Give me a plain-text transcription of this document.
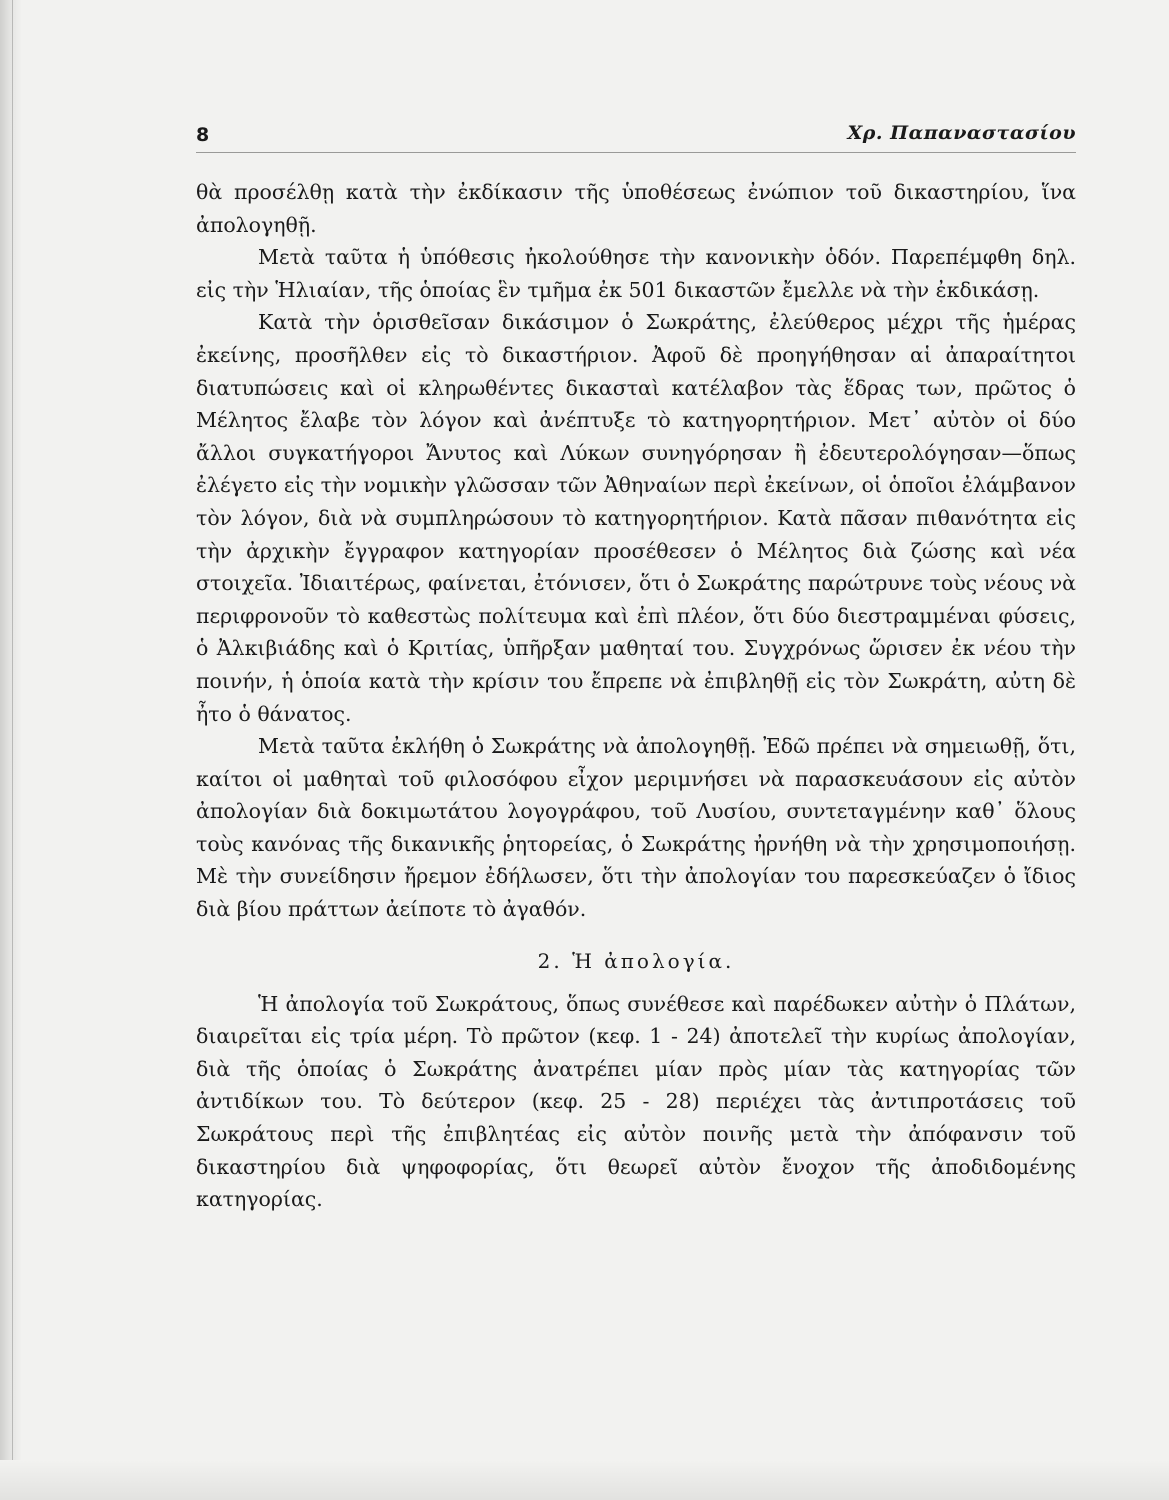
8	Χρ. Παπαναστασίου

θὰ προσέλθῃ κατὰ τὴν ἐκδίκασιν τῆς ὑποθέσεως ἐνώπιον τοῦ δικαστηρίου, ἵνα ἀπολογηθῇ.

Μετὰ ταῦτα ἡ ὑπόθεσις ἠκολούθησε τὴν κανονικὴν ὁδόν. Παρεπέμφθη δηλ. εἰς τὴν Ἡλιαίαν, τῆς ὁποίας ἓν τμῆμα ἐκ 501 δικαστῶν ἔμελλε νὰ τὴν ἐκδικάσῃ.

Κατὰ τὴν ὁρισθεῖσαν δικάσιμον ὁ Σωκράτης, ἐλεύθερος μέχρι τῆς ἡμέρας ἐκείνης, προσῆλθεν εἰς τὸ δικαστήριον. Ἀφοῦ δὲ προηγήθησαν αἱ ἀπαραίτητοι διατυπώσεις καὶ οἱ κληρωθέντες δικασταὶ κατέλαβον τὰς ἕδρας των, πρῶτος ὁ Μέλητος ἔλαβε τὸν λόγον καὶ ἀνέπτυξε τὸ κατηγορητήριον. Μετ᾽ αὐτὸν οἱ δύο ἄλλοι συγκατήγοροι Ἄνυτος καὶ Λύκων συνηγόρησαν ἢ ἐδευτερολόγησαν—ὅπως ἐλέγετο εἰς τὴν νομικὴν γλῶσσαν τῶν Ἀθηναίων περὶ ἐκείνων, οἱ ὁποῖοι ἐλάμβανον τὸν λόγον, διὰ νὰ συμπληρώσουν τὸ κατηγορητήριον. Κατὰ πᾶσαν πιθανότητα εἰς τὴν ἀρχικὴν ἔγγραφον κατηγορίαν προσέθεσεν ὁ Μέλητος διὰ ζώσης καὶ νέα στοιχεῖα. Ἰδιαιτέρως, φαίνεται, ἐτόνισεν, ὅτι ὁ Σωκράτης παρώτρυνε τοὺς νέους νὰ περιφρονοῦν τὸ καθεστὼς πολίτευμα καὶ ἐπὶ πλέον, ὅτι δύο διεστραμμέναι φύσεις, ὁ Ἀλκιβιάδης καὶ ὁ Κριτίας, ὑπῆρξαν μαθηταί του. Συγχρόνως ὥρισεν ἐκ νέου τὴν ποινήν, ἡ ὁποία κατὰ τὴν κρίσιν του ἔπρεπε νὰ ἐπιβληθῇ εἰς τὸν Σωκράτη, αὐτη δὲ ἦτο ὁ θάνατος.

Μετὰ ταῦτα ἐκλήθη ὁ Σωκράτης νὰ ἀπολογηθῇ. Ἐδῶ πρέπει νὰ σημειωθῇ, ὅτι, καίτοι οἱ μαθηταὶ τοῦ φιλοσόφου εἶχον μεριμνήσει νὰ παρασκευάσουν εἰς αὐτὸν ἀπολογίαν διὰ δοκιμωτάτου λογογράφου, τοῦ Λυσίου, συντεταγμένην καθ᾽ ὅλους τοὺς κανόνας τῆς δικανικῆς ῥητορείας, ὁ Σωκράτης ἠρνήθη νὰ τὴν χρησιμοποιήσῃ. Μὲ τὴν συνείδησιν ἤρεμον ἐδήλωσεν, ὅτι τὴν ἀπολογίαν του παρεσκεύαζεν ὁ ἴδιος διὰ βίου πράττων ἀείποτε τὸ ἀγαθόν.

2. Ἡ ἀπολογία.

Ἡ ἀπολογία τοῦ Σωκράτους, ὅπως συνέθεσε καὶ παρέδωκεν αὐτὴν ὁ Πλάτων, διαιρεῖται εἰς τρία μέρη. Τὸ πρῶτον (κεφ. 1 - 24) ἀποτελεῖ τὴν κυρίως ἀπολογίαν, διὰ τῆς ὁποίας ὁ Σωκράτης ἀνατρέπει μίαν πρὸς μίαν τὰς κατηγορίας τῶν ἀντιδίκων του. Τὸ δεύτερον (κεφ. 25 - 28) περιέχει τὰς ἀντιπροτάσεις τοῦ Σωκράτους περὶ τῆς ἐπιβλητέας εἰς αὐτὸν ποινῆς μετὰ τὴν ἀπόφανσιν τοῦ δικαστηρίου διὰ ψηφοφορίας, ὅτι θεωρεῖ αὐτὸν ἔνοχον τῆς ἀποδιδομένης κατηγορίας.
